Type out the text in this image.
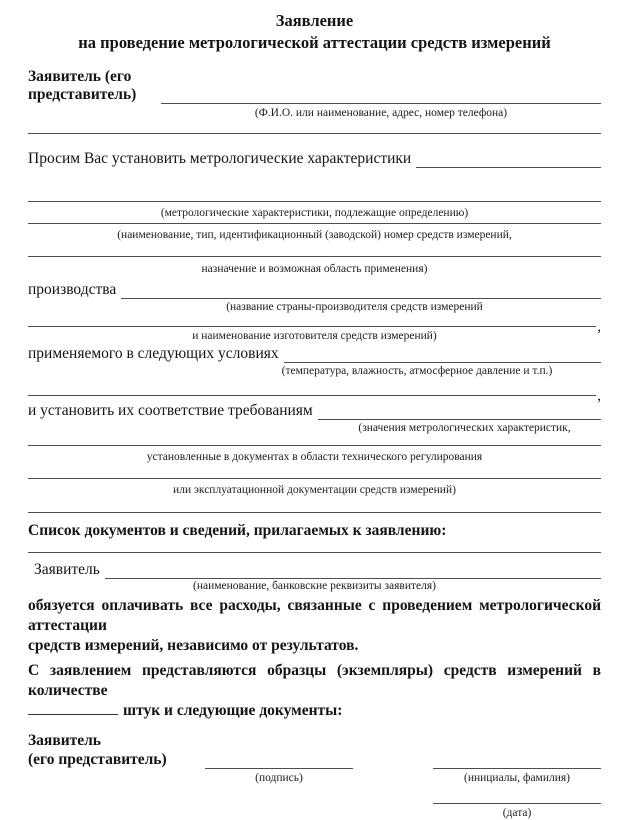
Заявление
на проведение метрологической аттестации средств измерений
Заявитель (его представитель)
(Ф.И.О. или наименование, адрес, номер телефона)
Просим Вас установить метрологические характеристики
(метрологические характеристики, подлежащие определению)
(наименование, тип, идентификационный (заводской) номер средств измерений,
назначение и возможная область применения)
производства
(название страны-производителя средств измерений
,
и наименование изготовителя средств измерений)
применяемого в следующих условиях
(температура, влажность, атмосферное давление и т.п.)
,
и установить их соответствие требованиям
(значения метрологических характеристик,
установленные в документах в области технического регулирования
или эксплуатационной документации средств измерений)
Список документов и сведений, прилагаемых к заявлению:
Заявитель
(наименование, банковские реквизиты заявителя)
обязуется оплачивать все расходы, связанные с проведением метрологической аттестации
средств измерений, независимо от результатов.
С заявлением представляются образцы (экземпляры) средств измерений в количестве
штук и следующие документы:
Заявитель
(его представитель)
(подпись)	(инициалы, фамилия)
(дата)
